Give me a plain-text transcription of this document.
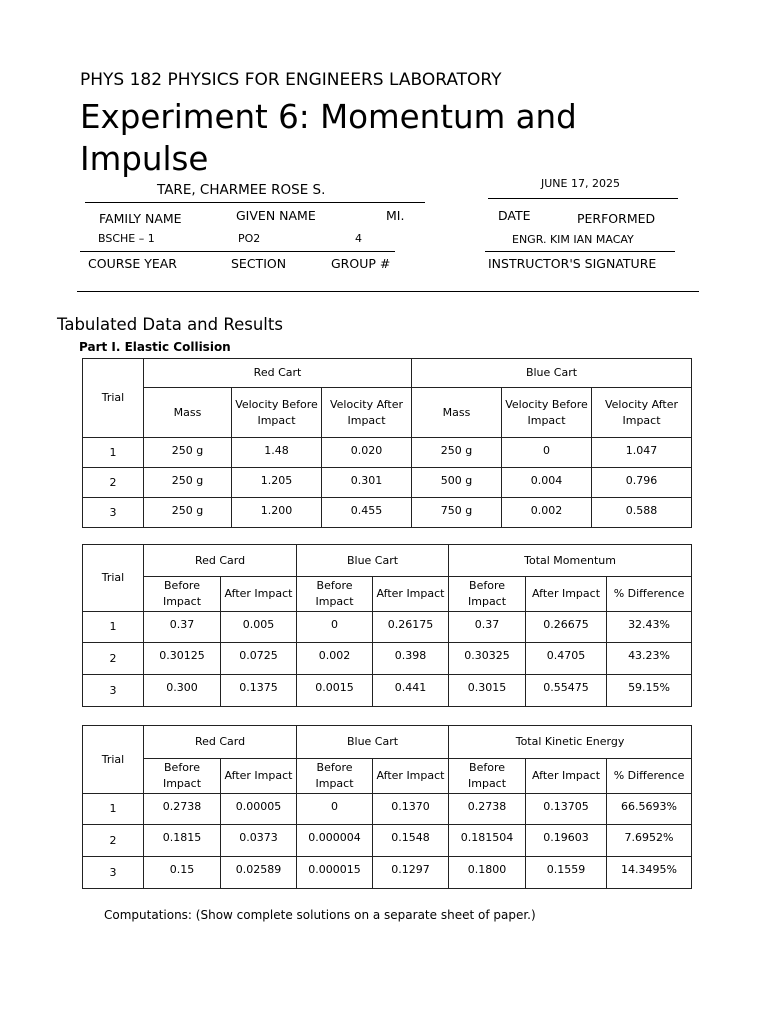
PHYS 182 PHYSICS FOR ENGINEERS LABORATORY
Experiment 6: Momentum and Impulse
TARE, CHARMEE ROSE S.	JUNE 17, 2025
FAMILY NAME	GIVEN NAME	MI.	DATE	PERFORMED
BSCHE – 1	PO2	4	ENGR. KIM IAN MACAY
COURSE YEAR	SECTION	GROUP #	INSTRUCTOR'S SIGNATURE
Tabulated Data and Results
Part I. Elastic Collision
Trial	Red Cart			Blue Cart		
	Mass	Velocity Before Impact	Velocity After Impact	Mass	Velocity Before Impact	Velocity After Impact
1	250 g	1.48	0.020	250 g	0	1.047
2	250 g	1.205	0.301	500 g	0.004	0.796
3	250 g	1.200	0.455	750 g	0.002	0.588
Trial	Red Card		Blue Cart		Total Momentum		
	Before Impact	After Impact	Before Impact	After Impact	Before Impact	After Impact	% Difference
1	0.37	0.005	0	0.26175	0.37	0.26675	32.43%
2	0.30125	0.0725	0.002	0.398	0.30325	0.4705	43.23%
3	0.300	0.1375	0.0015	0.441	0.3015	0.55475	59.15%
Trial	Red Card		Blue Cart		Total Kinetic Energy		
	Before Impact	After Impact	Before Impact	After Impact	Before Impact	After Impact	% Difference
1	0.2738	0.00005	0	0.1370	0.2738	0.13705	66.5693%
2	0.1815	0.0373	0.000004	0.1548	0.181504	0.19603	7.6952%
3	0.15	0.02589	0.000015	0.1297	0.1800	0.1559	14.3495%
Computations: (Show complete solutions on a separate sheet of paper.)
